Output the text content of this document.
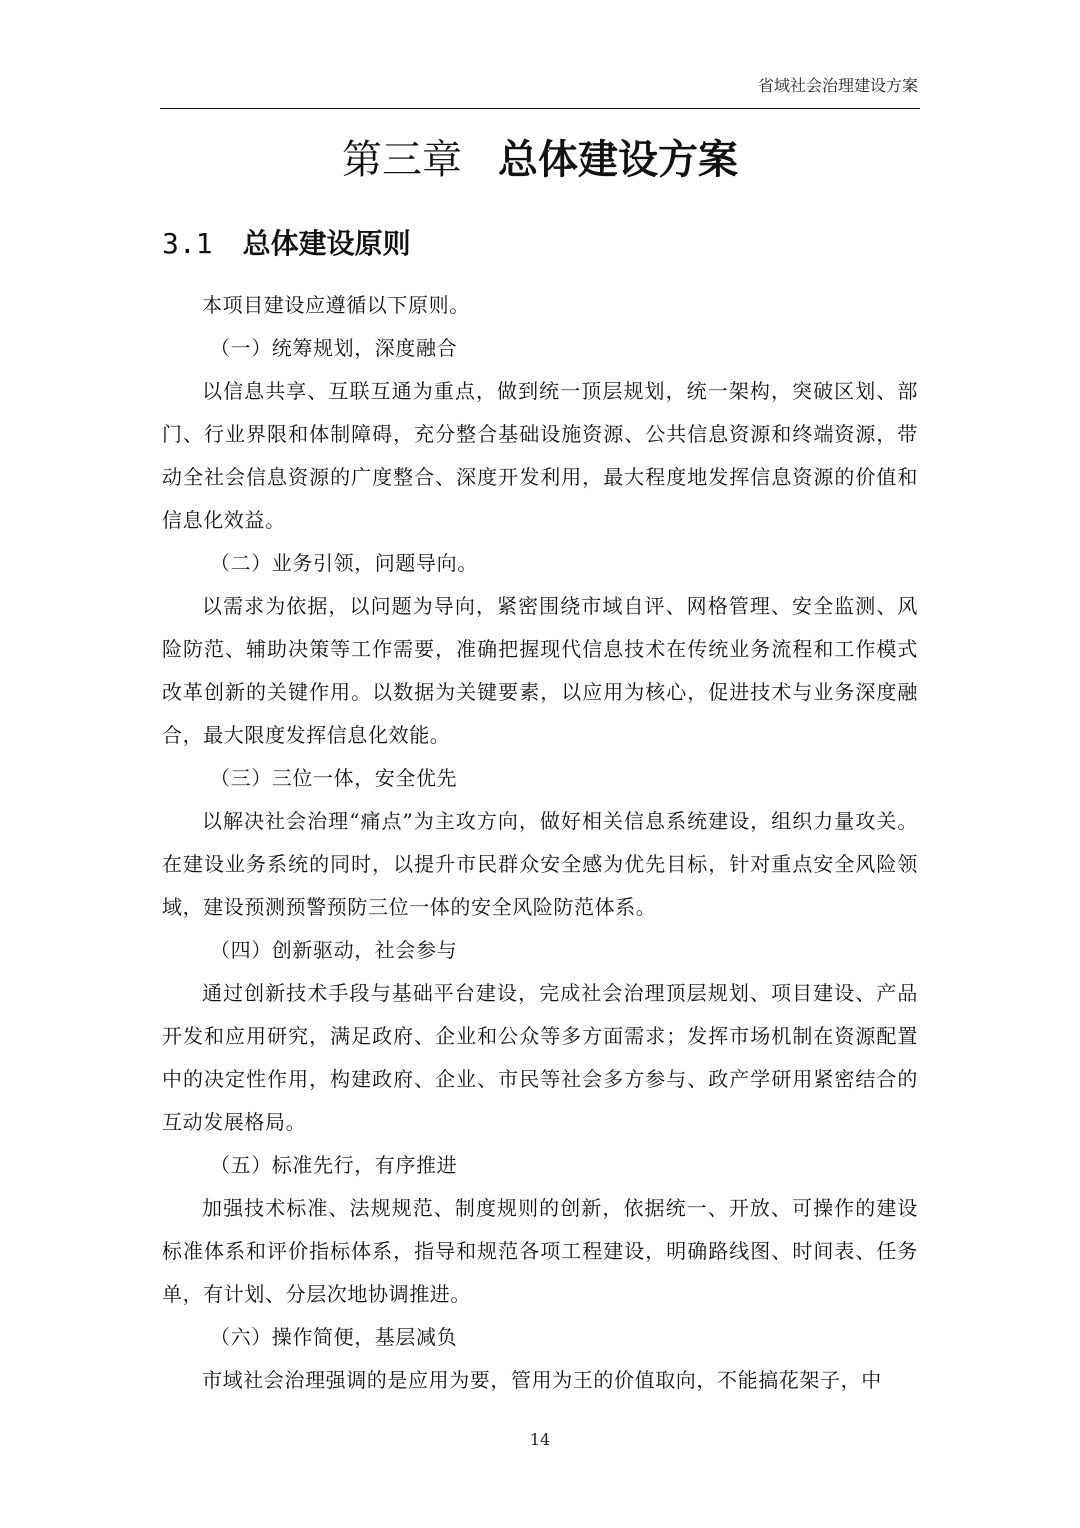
省域社会治理建设方案
第三章 总体建设方案
3.1 总体建设原则

本项目建设应遵循以下原则。

（一）统筹规划，深度融合

以信息共享、互联互通为重点，做到统一顶层规划，统一架构，突破区划、部门、行业界限和体制障碍，充分整合基础设施资源、公共信息资源和终端资源，带动全社会信息资源的广度整合、深度开发利用，最大程度地发挥信息资源的价值和信息化效益。

（二）业务引领，问题导向。

以需求为依据，以问题为导向，紧密围绕市域自评、网格管理、安全监测、风险防范、辅助决策等工作需要，准确把握现代信息技术在传统业务流程和工作模式改革创新的关键作用。以数据为关键要素，以应用为核心，促进技术与业务深度融合，最大限度发挥信息化效能。

（三）三位一体，安全优先

以解决社会治理“痛点”为主攻方向，做好相关信息系统建设，组织力量攻关。在建设业务系统的同时，以提升市民群众安全感为优先目标，针对重点安全风险领域，建设预测预警预防三位一体的安全风险防范体系。

（四）创新驱动，社会参与

通过创新技术手段与基础平台建设，完成社会治理顶层规划、项目建设、产品开发和应用研究，满足政府、企业和公众等多方面需求；发挥市场机制在资源配置中的决定性作用，构建政府、企业、市民等社会多方参与、政产学研用紧密结合的互动发展格局。

（五）标准先行，有序推进

加强技术标准、法规规范、制度规则的创新，依据统一、开放、可操作的建设标准体系和评价指标体系，指导和规范各项工程建设，明确路线图、时间表、任务单，有计划、分层次地协调推进。

（六）操作简便，基层减负

市域社会治理强调的是应用为要，管用为王的价值取向，不能搞花架子，中

14
